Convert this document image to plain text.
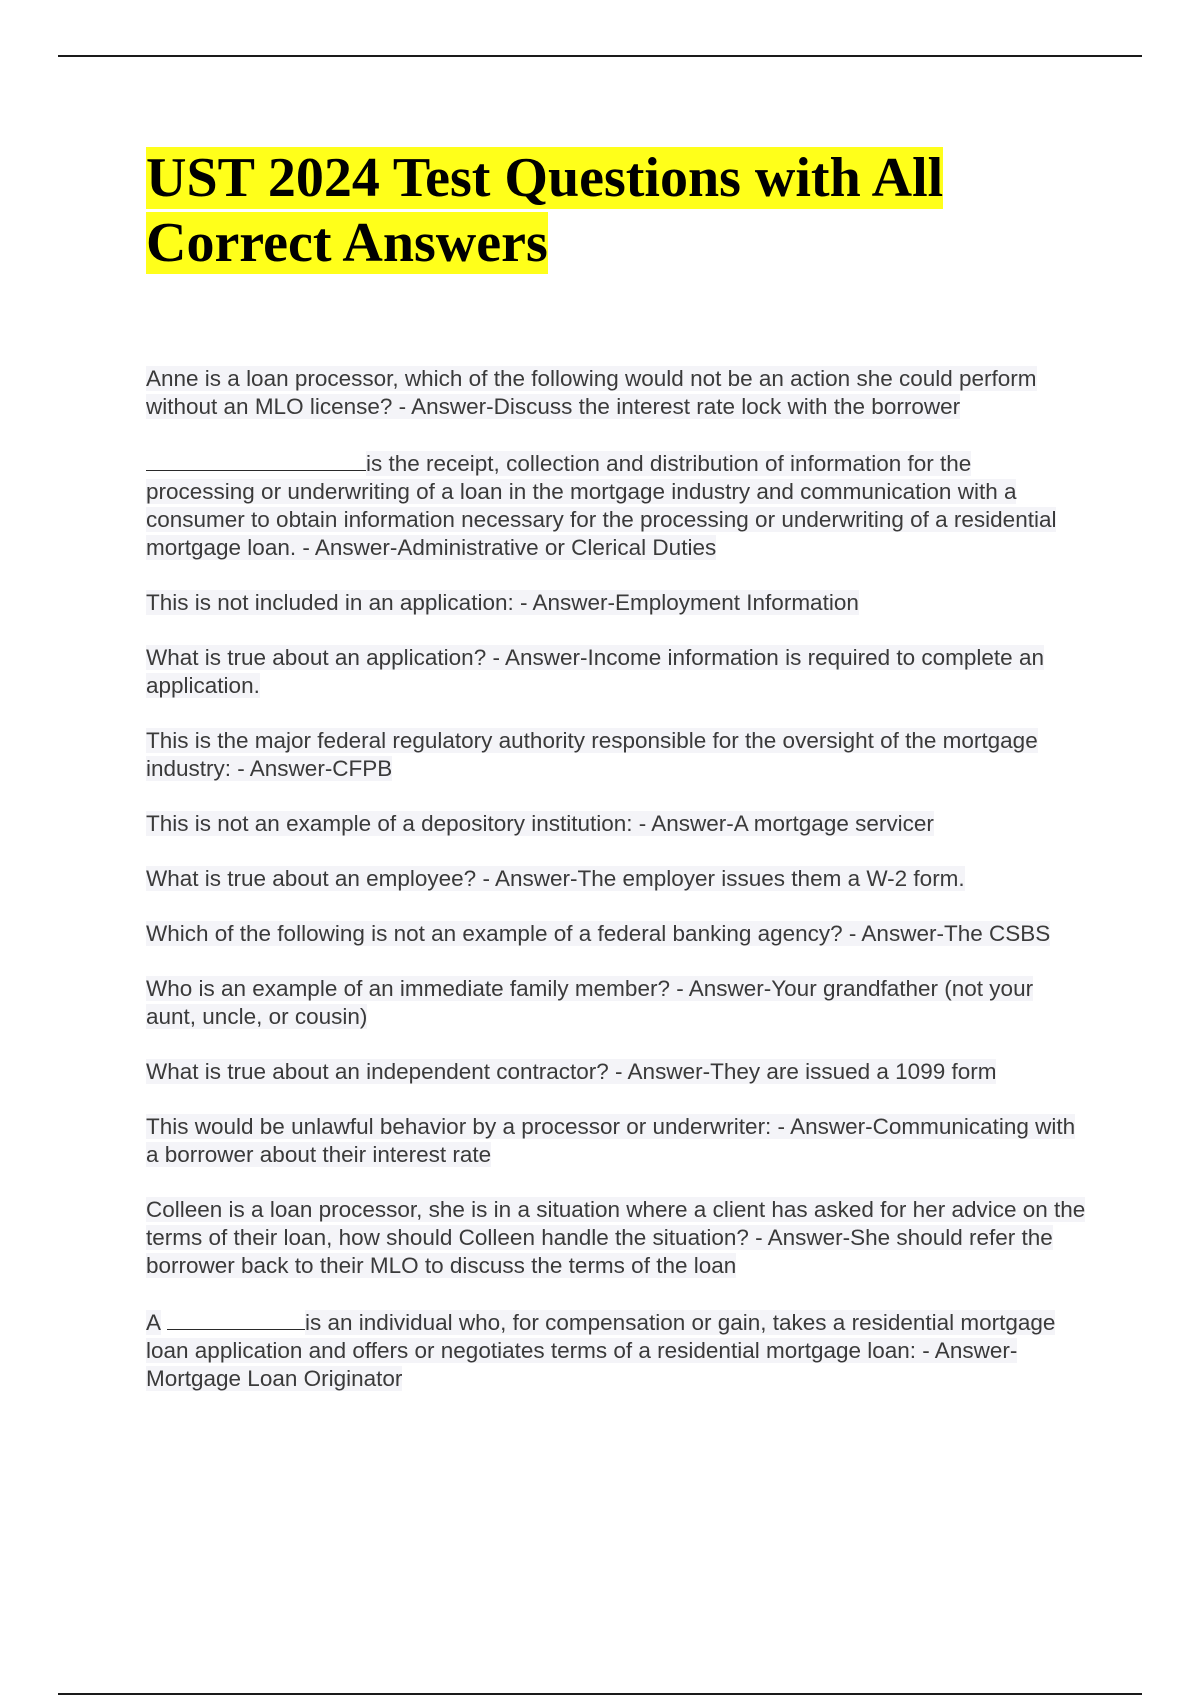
UST 2024 Test Questions with All
Correct Answers

Anne is a loan processor, which of the following would not be an action she could perform without an MLO license? - Answer-Discuss the interest rate lock with the borrower

is the receipt, collection and distribution of information for the processing or underwriting of a loan in the mortgage industry and communication with a consumer to obtain information necessary for the processing or underwriting of a residential mortgage loan. - Answer-Administrative or Clerical Duties

This is not included in an application: - Answer-Employment Information

What is true about an application? - Answer-Income information is required to complete an application.

This is the major federal regulatory authority responsible for the oversight of the mortgage industry: - Answer-CFPB

This is not an example of a depository institution: - Answer-A mortgage servicer

What is true about an employee? - Answer-The employer issues them a W-2 form.

Which of the following is not an example of a federal banking agency? - Answer-The CSBS

Who is an example of an immediate family member? - Answer-Your grandfather (not your aunt, uncle, or cousin)

What is true about an independent contractor? - Answer-They are issued a 1099 form

This would be unlawful behavior by a processor or underwriter: - Answer-Communicating with a borrower about their interest rate

Colleen is a loan processor, she is in a situation where a client has asked for her advice on the terms of their loan, how should Colleen handle the situation? - Answer-She should refer the borrower back to their MLO to discuss the terms of the loan

A	is an individual who, for compensation or gain, takes a residential mortgage loan application and offers or negotiates terms of a residential mortgage loan: - Answer-Mortgage Loan Originator
